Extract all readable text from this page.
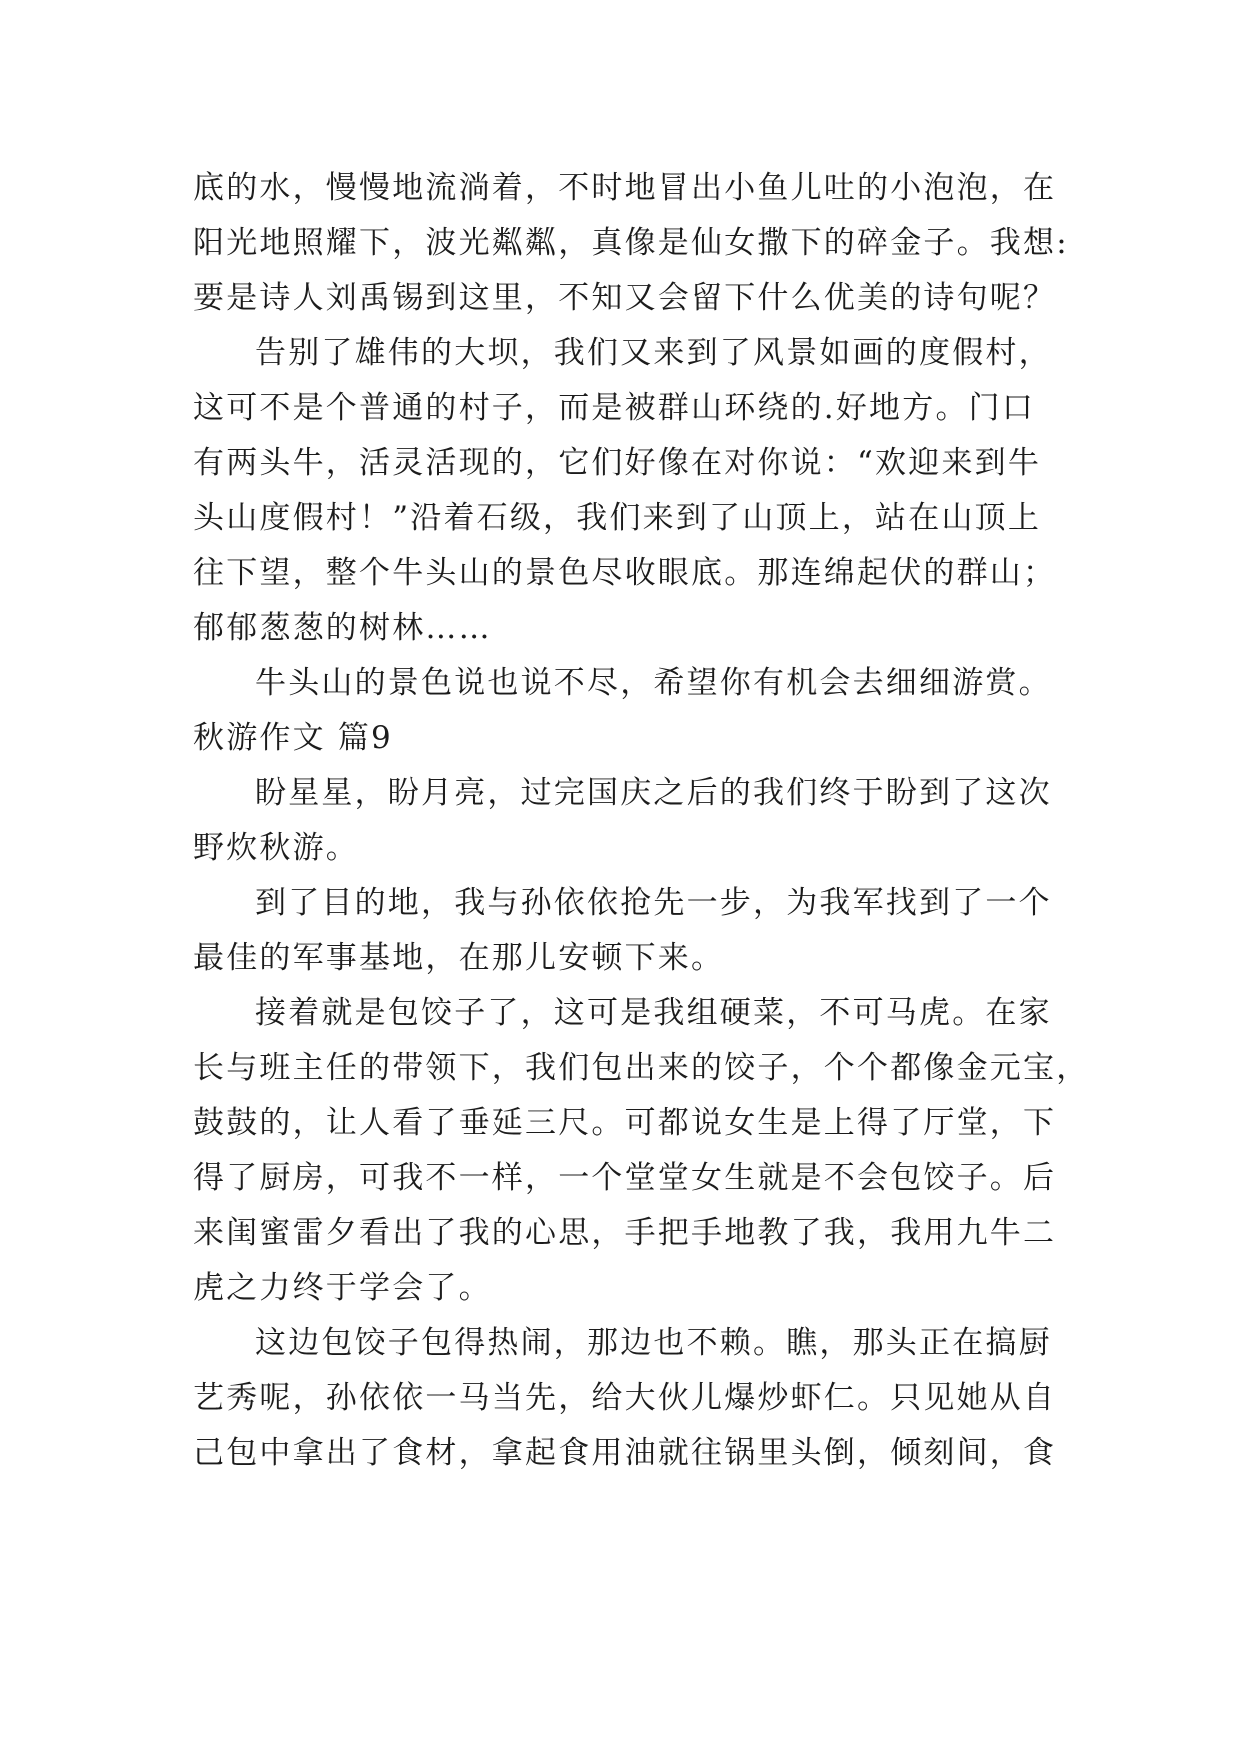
底的水，慢慢地流淌着，不时地冒出小鱼儿吐的小泡泡，在
阳光地照耀下，波光粼粼，真像是仙女撒下的碎金子。我想:
要是诗人刘禹锡到这里，不知又会留下什么优美的诗句呢？
告别了雄伟的大坝，我们又来到了风景如画的度假村，
这可不是个普通的村子，而是被群山环绕的.好地方。门口
有两头牛，活灵活现的，它们好像在对你说：“欢迎来到牛
头山度假村！”沿着石级，我们来到了山顶上，站在山顶上
往下望，整个牛头山的景色尽收眼底。那连绵起伏的群山；
郁郁葱葱的树林……
牛头山的景色说也说不尽，希望你有机会去细细游赏。
秋游作文 篇9
盼星星，盼月亮，过完国庆之后的我们终于盼到了这次
野炊秋游。
到了目的地，我与孙依依抢先一步，为我军找到了一个
最佳的军事基地，在那儿安顿下来。
接着就是包饺子了，这可是我组硬菜，不可马虎。在家
长与班主任的带领下，我们包出来的饺子，个个都像金元宝，
鼓鼓的，让人看了垂延三尺。可都说女生是上得了厅堂，下
得了厨房，可我不一样，一个堂堂女生就是不会包饺子。后
来闺蜜雷夕看出了我的心思，手把手地教了我，我用九牛二
虎之力终于学会了。
这边包饺子包得热闹，那边也不赖。瞧，那头正在搞厨
艺秀呢，孙依依一马当先，给大伙儿爆炒虾仁。只见她从自
己包中拿出了食材，拿起食用油就往锅里头倒，倾刻间，食
